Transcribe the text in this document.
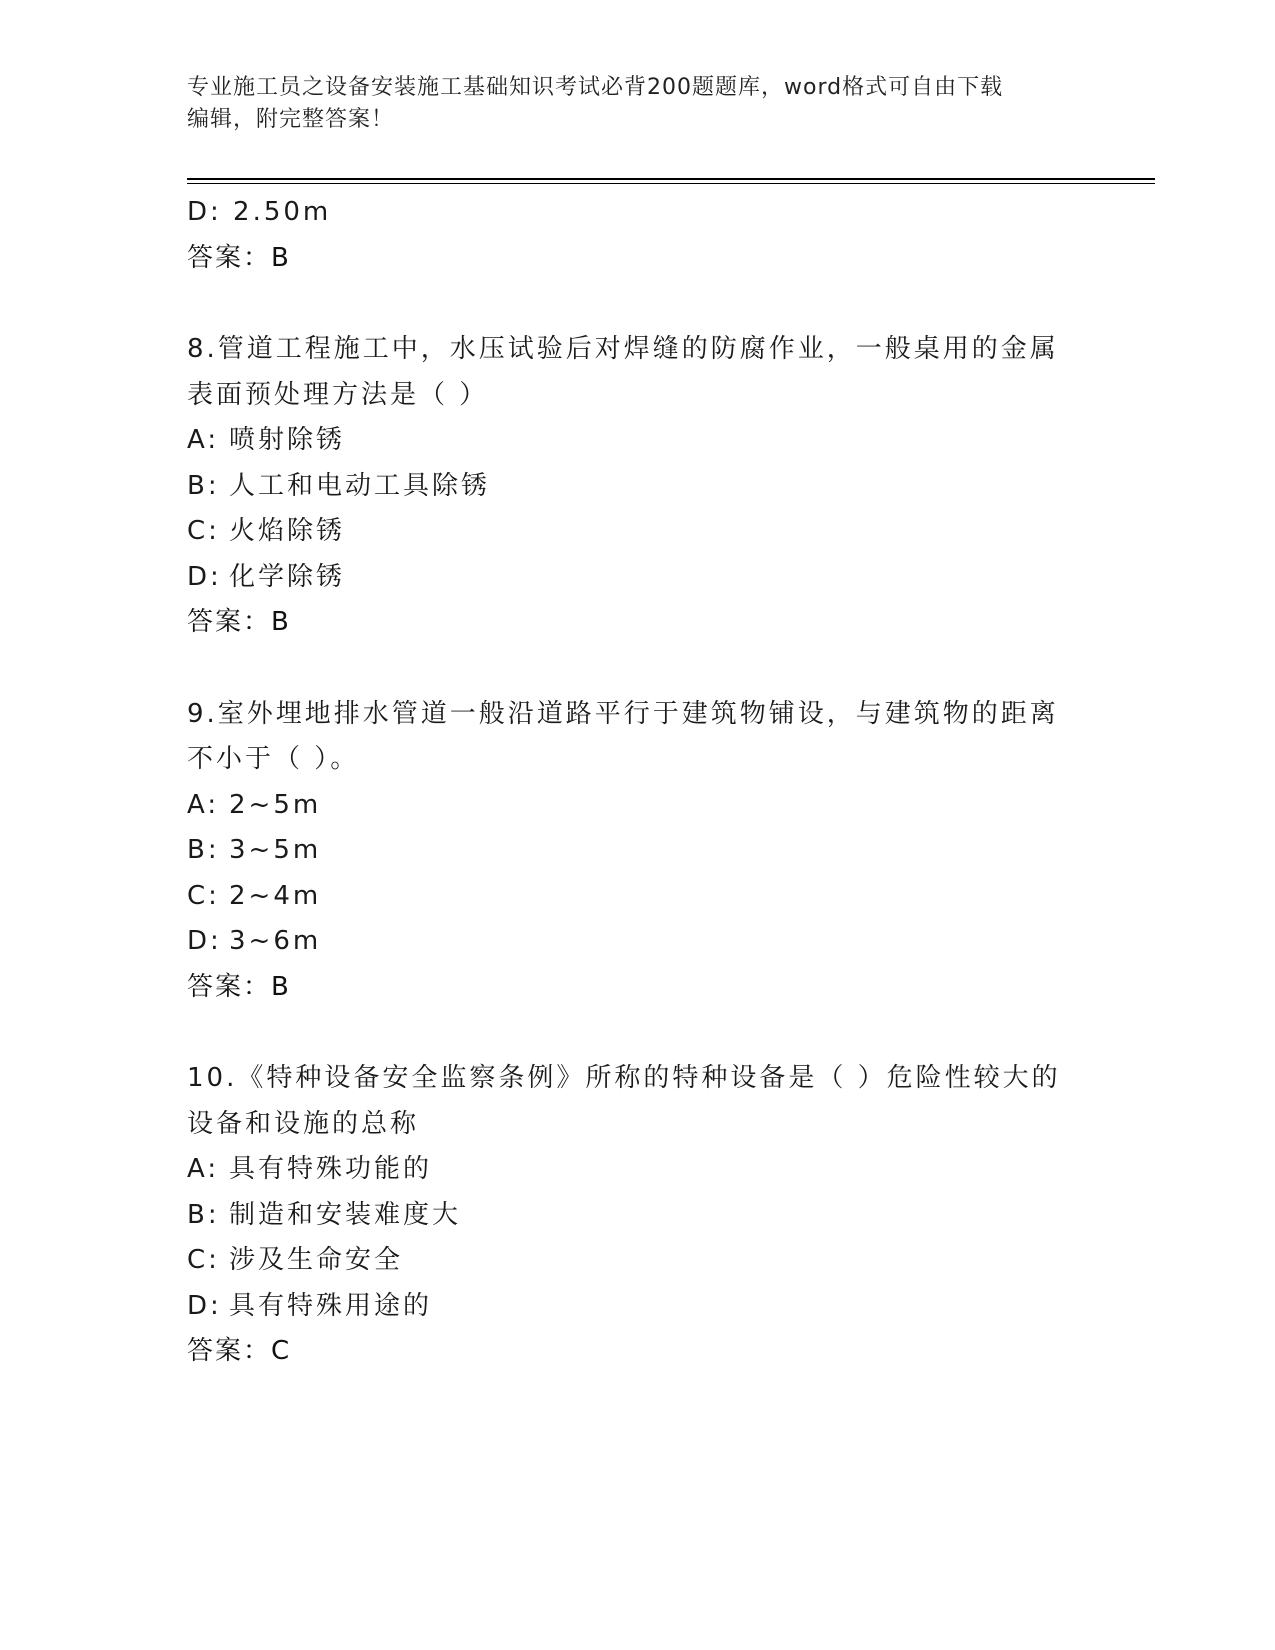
专业施工员之设备安装施工基础知识考试必背200题题库，word格式可自由下载
编辑，附完整答案！
D: 2.50m
答案：B
8.管道工程施工中，水压试验后对焊缝的防腐作业，一般桌用的金属
表面预处理方法是（ ）
A: 喷射除锈
B: 人工和电动工具除锈
C: 火焰除锈
D: 化学除锈
答案：B
9.室外埋地排水管道一般沿道路平行于建筑物铺设，与建筑物的距离
不小于（ ）。
A: 2~5m
B: 3~5m
C: 2~4m
D: 3~6m
答案：B
10.《特种设备安全监察条例》所称的特种设备是（ ）危险性较大的
设备和设施的总称
A: 具有特殊功能的
B: 制造和安装难度大
C: 涉及生命安全
D: 具有特殊用途的
答案：C
